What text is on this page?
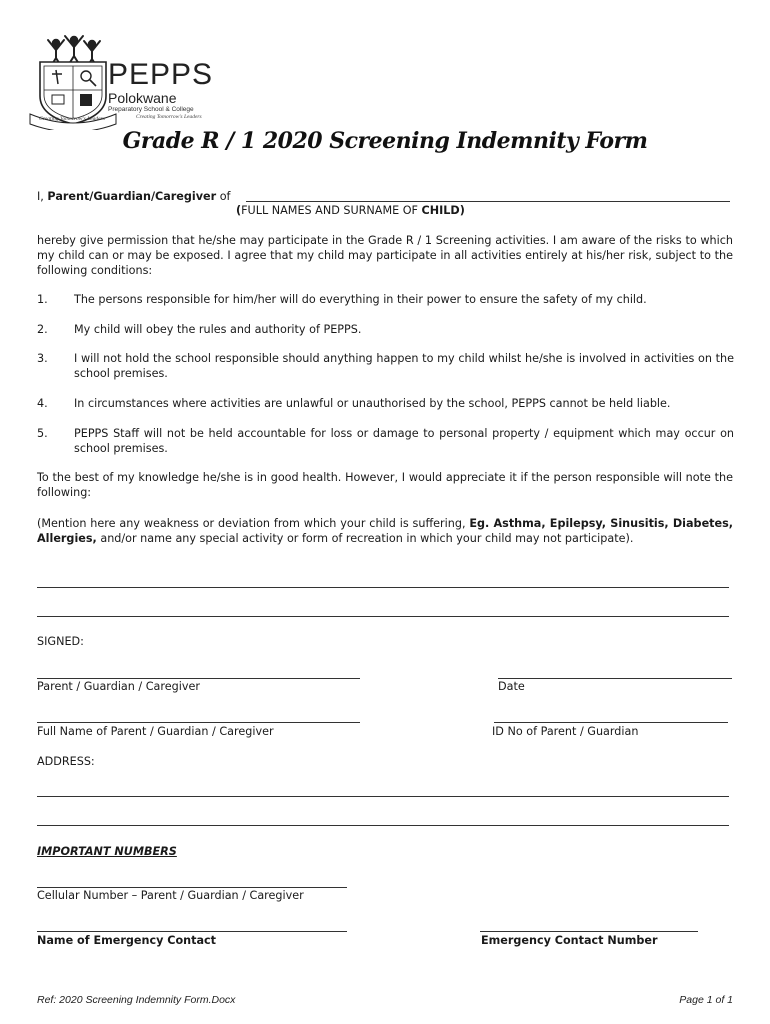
PEPPS
Polokwane
Preparatory School & College
Creating Tomorrow's Leaders
Creating Tomorrow's Leaders
Grade R / 1 2020 Screening Indemnity Form
I, Parent/Guardian/Caregiver of
(FULL NAMES AND SURNAME OF CHILD)
hereby give permission that he/she may participate in the Grade R / 1 Screening activities. I am aware of the risks to which my child can or may be exposed. I agree that my child may participate in all activities entirely at his/her risk, subject to the following conditions:
1. The persons responsible for him/her will do everything in their power to ensure the safety of my child.
2. My child will obey the rules and authority of PEPPS.
3. I will not hold the school responsible should anything happen to my child whilst he/she is involved in activities on the school premises.
4. In circumstances where activities are unlawful or unauthorised by the school, PEPPS cannot be held liable.
5. PEPPS Staff will not be held accountable for loss or damage to personal property / equipment which may occur on school premises.
To the best of my knowledge he/she is in good health. However, I would appreciate it if the person responsible will note the following:
(Mention here any weakness or deviation from which your child is suffering, Eg. Asthma, Epilepsy, Sinusitis, Diabetes, Allergies, and/or name any special activity or form of recreation in which your child may not participate).
SIGNED:
Parent / Guardian / Caregiver	Date
Full Name of Parent / Guardian / Caregiver	ID No of Parent / Guardian
ADDRESS:
IMPORTANT NUMBERS
Cellular Number – Parent / Guardian / Caregiver
Name of Emergency Contact	Emergency Contact Number
Ref: 2020 Screening Indemnity Form.Docx	Page 1 of 1
